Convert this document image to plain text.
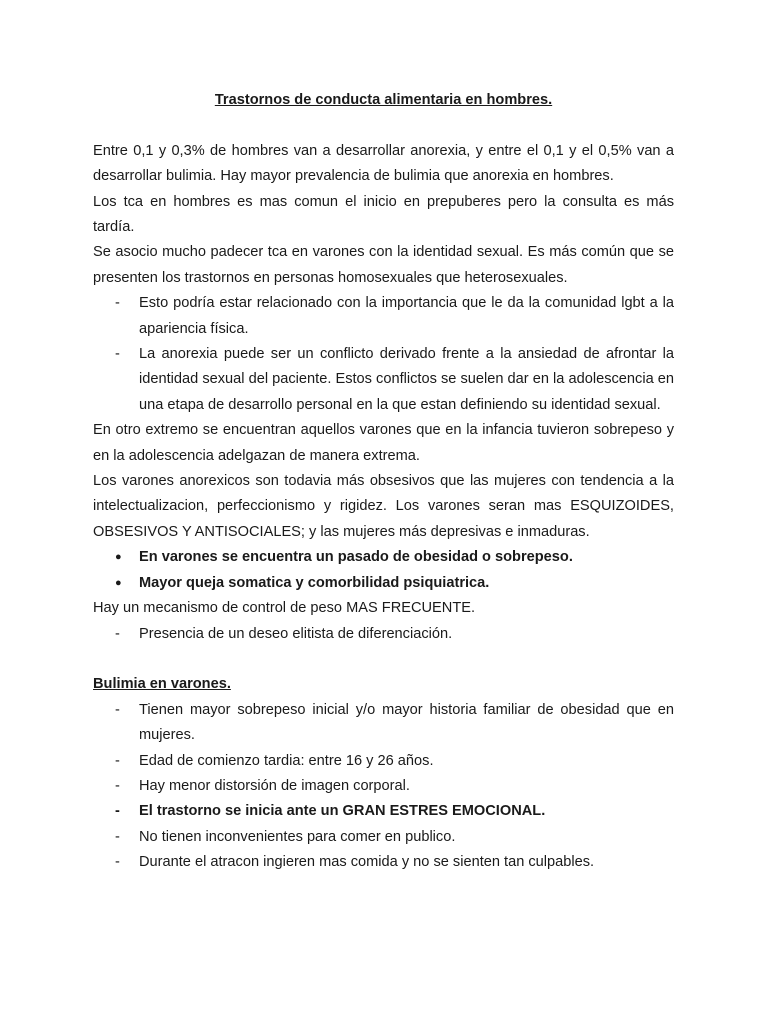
Trastornos de conducta alimentaria en hombres.

Entre 0,1 y 0,3% de hombres van a desarrollar anorexia, y entre el 0,1 y el 0,5% van a desarrollar bulimia. Hay mayor prevalencia de bulimia que anorexia en hombres.

Los tca en hombres es mas comun el inicio en prepuberes pero la consulta es más tardía.

Se asocio mucho padecer tca en varones con la identidad sexual. Es más común que se presenten los trastornos en personas homosexuales que heterosexuales.

- Esto podría estar relacionado con la importancia que le da la comunidad lgbt a la apariencia física.
- La anorexia puede ser un conflicto derivado frente a la ansiedad de afrontar la identidad sexual del paciente. Estos conflictos se suelen dar en la adolescencia en una etapa de desarrollo personal en la que estan definiendo su identidad sexual.

En otro extremo se encuentran aquellos varones que en la infancia tuvieron sobrepeso y en la adolescencia adelgazan de manera extrema.

Los varones anorexicos son todavia más obsesivos que las mujeres con tendencia a la intelectualizacion, perfeccionismo y rigidez. Los varones seran mas ESQUIZOIDES, OBSESIVOS Y ANTISOCIALES; y las mujeres más depresivas e inmaduras.

● En varones se encuentra un pasado de obesidad o sobrepeso.
● Mayor queja somatica y comorbilidad psiquiatrica.

Hay un mecanismo de control de peso MAS FRECUENTE.

- Presencia de un deseo elitista de diferenciación.

Bulimia en varones.

- Tienen mayor sobrepeso inicial y/o mayor historia familiar de obesidad que en mujeres.
- Edad de comienzo tardia: entre 16 y 26 años.
- Hay menor distorsión de imagen corporal.
- El trastorno se inicia ante un GRAN ESTRES EMOCIONAL.
- No tienen inconvenientes para comer en publico.
- Durante el atracon ingieren mas comida y no se sienten tan culpables.
